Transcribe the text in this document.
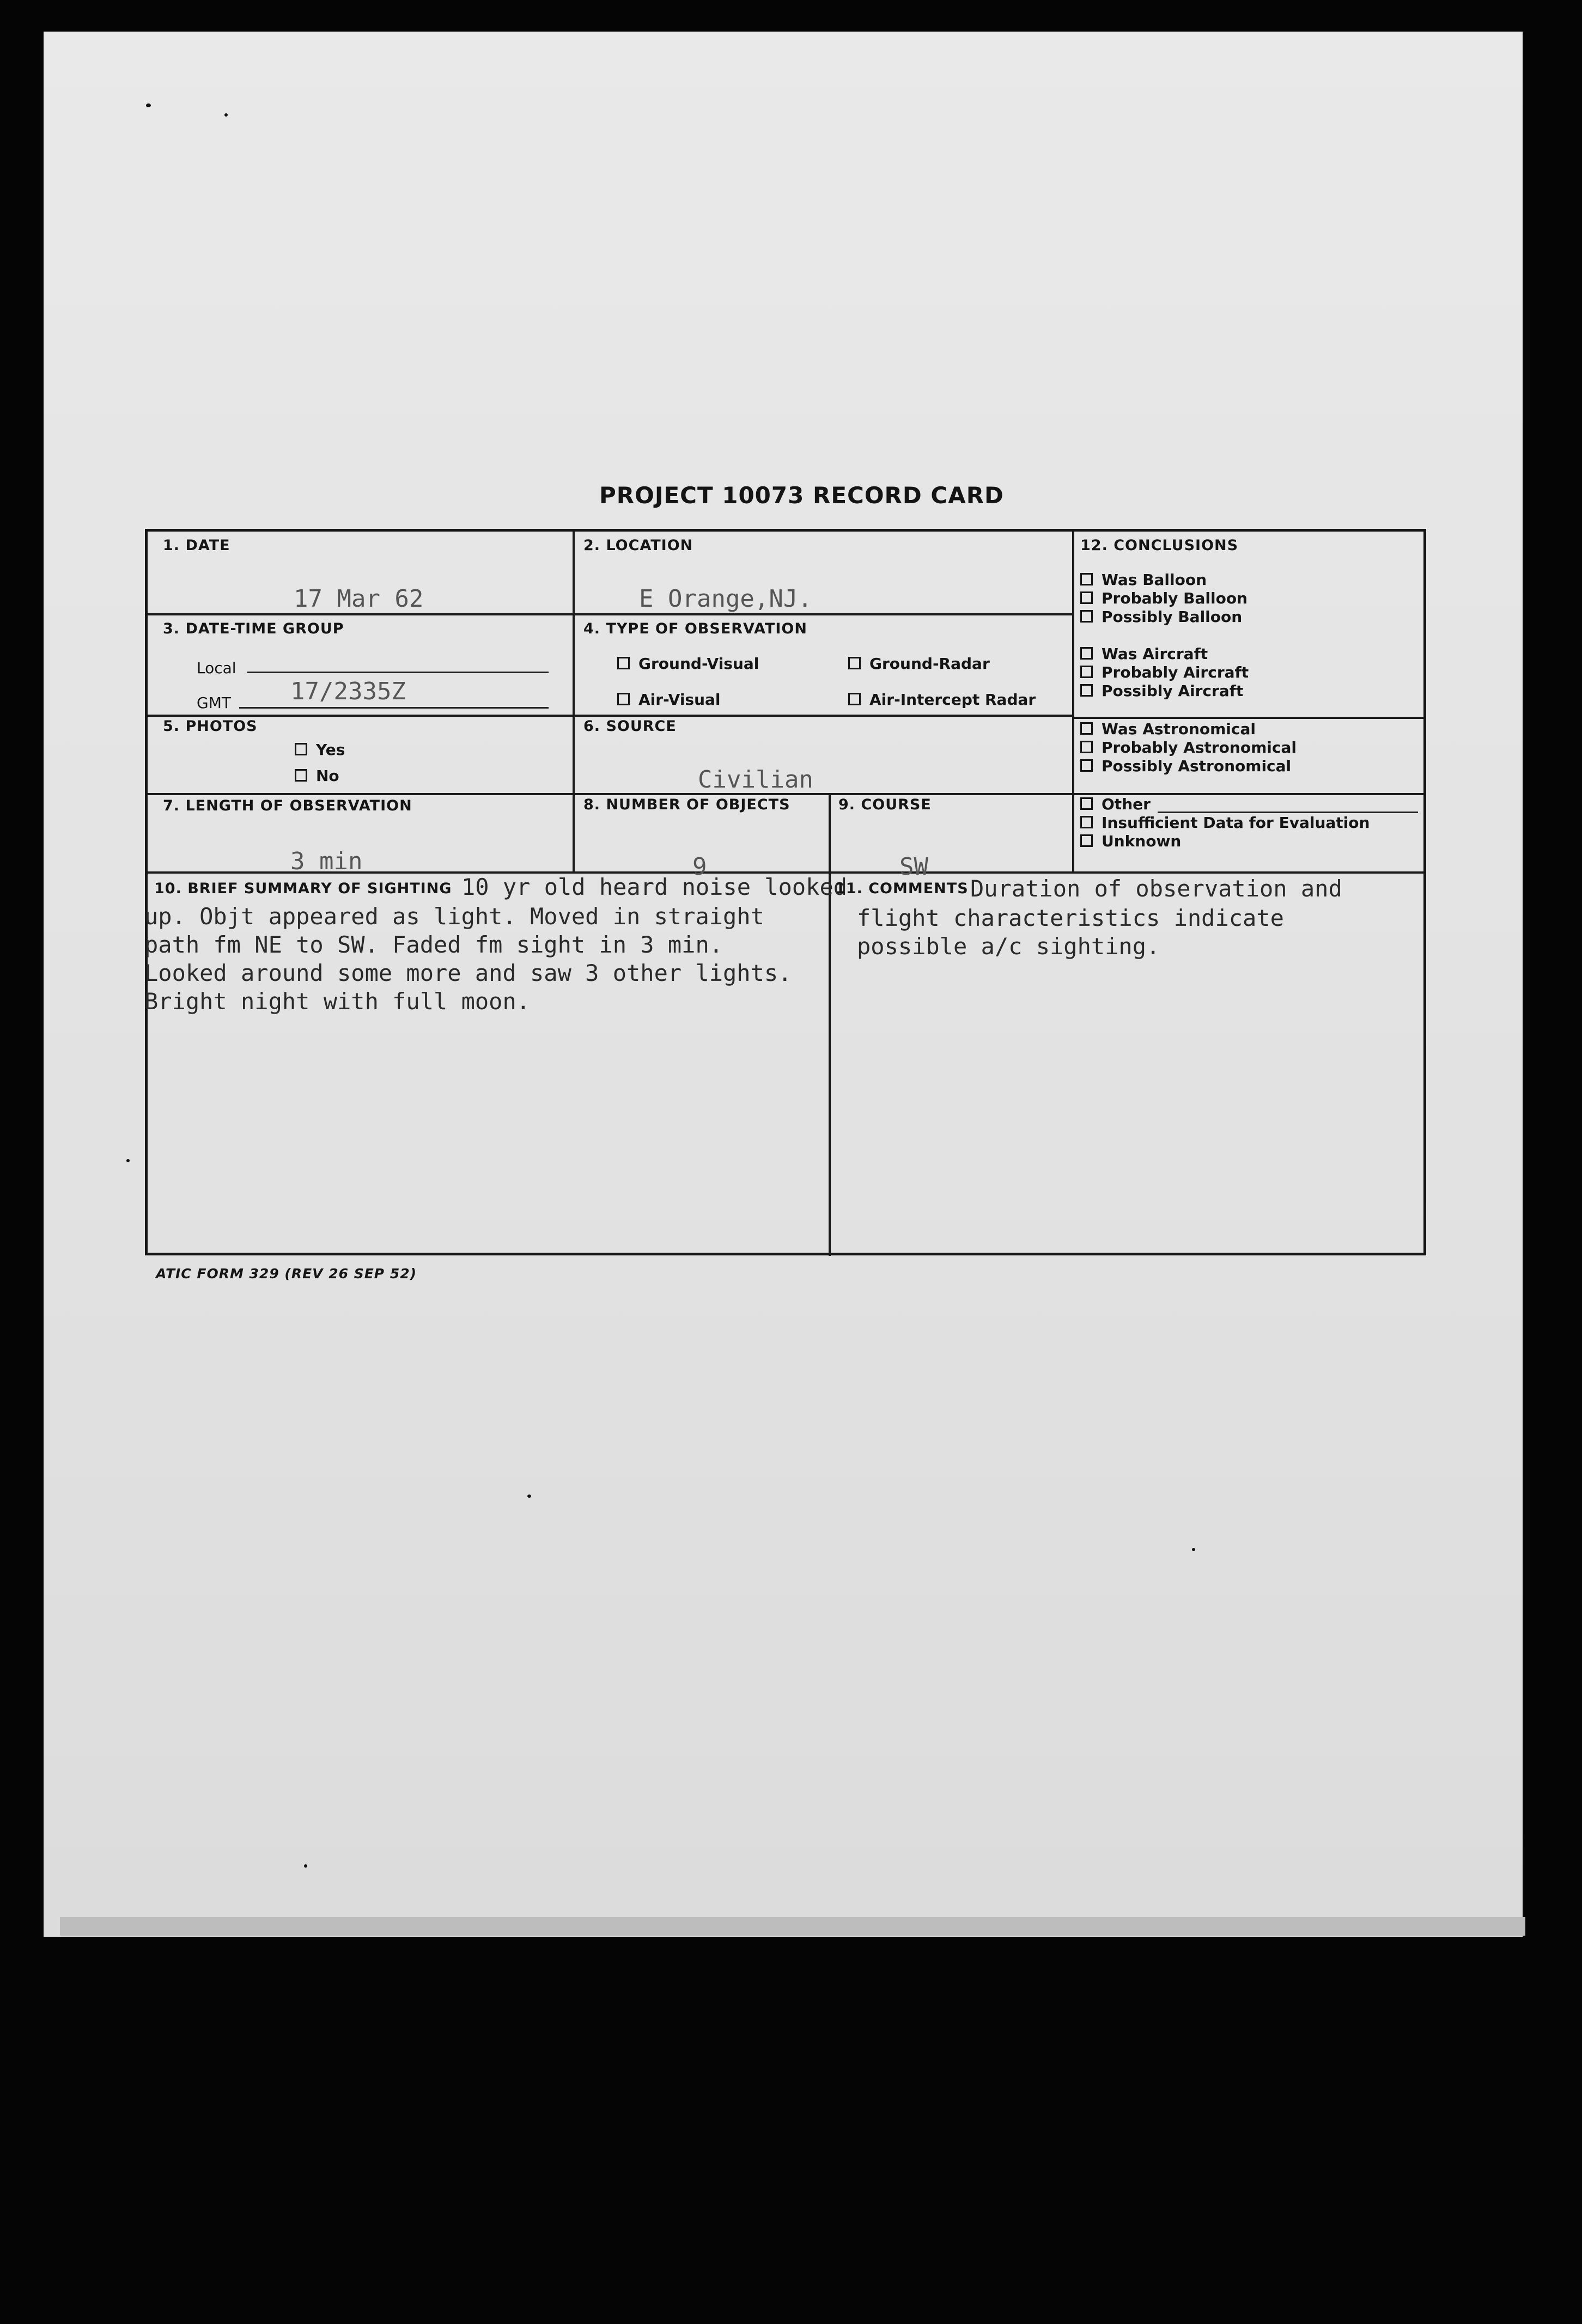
PROJECT 10073 RECORD CARD
1. DATE
17 Mar 62
2. LOCATION
E Orange,NJ.
3. DATE-TIME GROUP
Local
GMT 17/2335Z
4. TYPE OF OBSERVATION
Ground-Visual	Ground-Radar
Air-Visual	Air-Intercept Radar
5. PHOTOS
Yes
No
6. SOURCE
Civilian
7. LENGTH OF OBSERVATION
3 min
8. NUMBER OF OBJECTS
9
9. COURSE
SW
12. CONCLUSIONS
Was Balloon
Probably Balloon
Possibly Balloon
Was Aircraft
Probably Aircraft
Possibly Aircraft
Was Astronomical
Probably Astronomical
Possibly Astronomical
Other
Insufficient Data for Evaluation
Unknown
10. BRIEF SUMMARY OF SIGHTING 10 yr old heard noise looked
up. Objt appeared as light. Moved in straight
path fm NE to SW. Faded fm sight in 3 min.
Looked around some more and saw 3 other lights.
Bright night with full moon.
11. COMMENTS Duration of observation and
flight characteristics indicate
possible a/c sighting.
ATIC FORM 329 (REV 26 SEP 52)
